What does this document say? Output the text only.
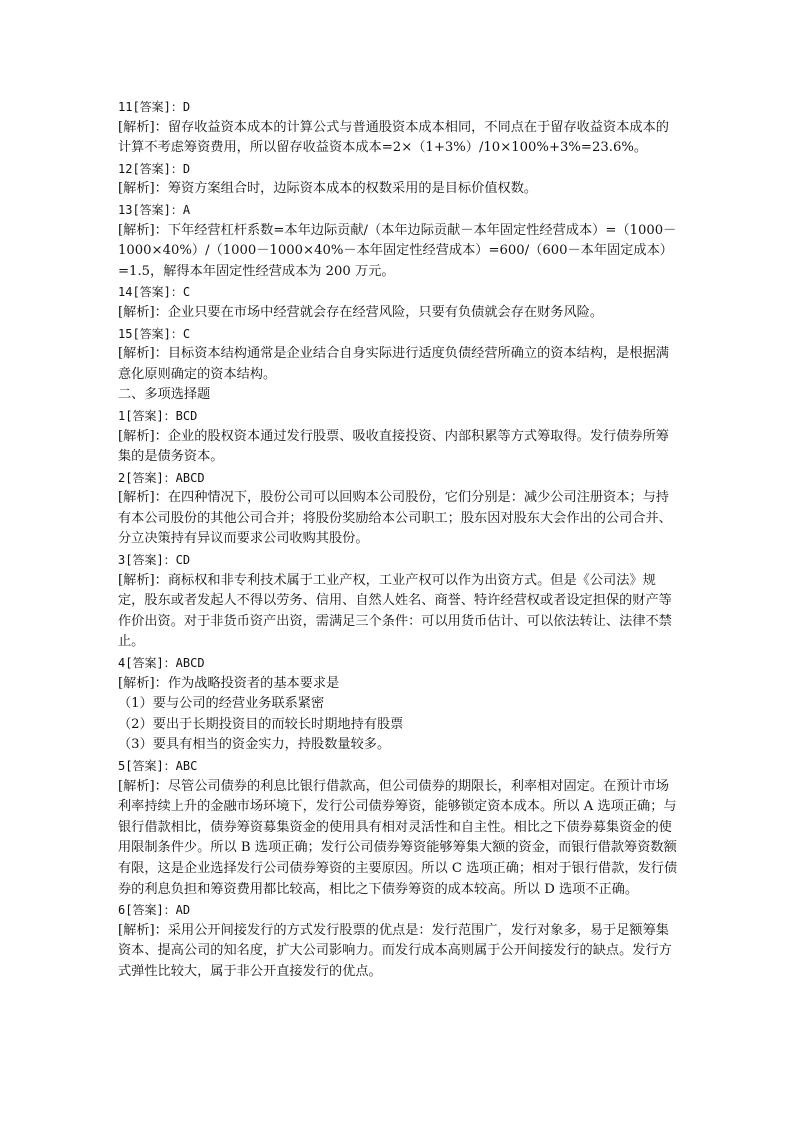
11[答案]：D
[解析]：留存收益资本成本的计算公式与普通股资本成本相同，不同点在于留存收益资本成本的计算不考虑筹资费用，所以留存收益资本成本=2×（1+3%）/10×100%+3%=23.6%。
12[答案]：D
[解析]：筹资方案组合时，边际资本成本的权数采用的是目标价值权数。
13[答案]：A
[解析]：下年经营杠杆系数=本年边际贡献/（本年边际贡献－本年固定性经营成本）=（1000－1000×40%）/（1000－1000×40%－本年固定性经营成本）=600/（600－本年固定成本）=1.5，解得本年固定性经营成本为 200 万元。
14[答案]：C
[解析]：企业只要在市场中经营就会存在经营风险，只要有负债就会存在财务风险。
15[答案]：C
[解析]：目标资本结构通常是企业结合自身实际进行适度负债经营所确立的资本结构，是根据满意化原则确定的资本结构。
二、多项选择题
1[答案]：BCD
[解析]：企业的股权资本通过发行股票、吸收直接投资、内部积累等方式筹取得。发行债券所筹集的是债务资本。
2[答案]：ABCD
[解析]：在四种情况下，股份公司可以回购本公司股份，它们分别是：减少公司注册资本；与持有本公司股份的其他公司合并；将股份奖励给本公司职工；股东因对股东大会作出的公司合并、分立决策持有异议而要求公司收购其股份。
3[答案]：CD
[解析]：商标权和非专利技术属于工业产权，工业产权可以作为出资方式。但是《公司法》规定，股东或者发起人不得以劳务、信用、自然人姓名、商誉、特许经营权或者设定担保的财产等作价出资。对于非货币资产出资，需满足三个条件：可以用货币估计、可以依法转让、法律不禁止。
4[答案]：ABCD
[解析]：作为战略投资者的基本要求是
（1）要与公司的经营业务联系紧密
（2）要出于长期投资目的而较长时期地持有股票
（3）要具有相当的资金实力，持股数量较多。
5[答案]：ABC
[解析]：尽管公司债券的利息比银行借款高，但公司债券的期限长，利率相对固定。在预计市场利率持续上升的金融市场环境下，发行公司债券筹资，能够锁定资本成本。所以 A 选项正确；与银行借款相比，债券筹资募集资金的使用具有相对灵活性和自主性。相比之下债券募集资金的使用限制条件少。所以 B 选项正确；发行公司债券筹资能够筹集大额的资金，而银行借款筹资数额有限，这是企业选择发行公司债券筹资的主要原因。所以 C 选项正确；相对于银行借款，发行债券的利息负担和筹资费用都比较高，相比之下债券筹资的成本较高。所以 D 选项不正确。
6[答案]：AD
[解析]：采用公开间接发行的方式发行股票的优点是：发行范围广，发行对象多，易于足额筹集资本、提高公司的知名度，扩大公司影响力。而发行成本高则属于公开间接发行的缺点。发行方式弹性比较大，属于非公开直接发行的优点。
